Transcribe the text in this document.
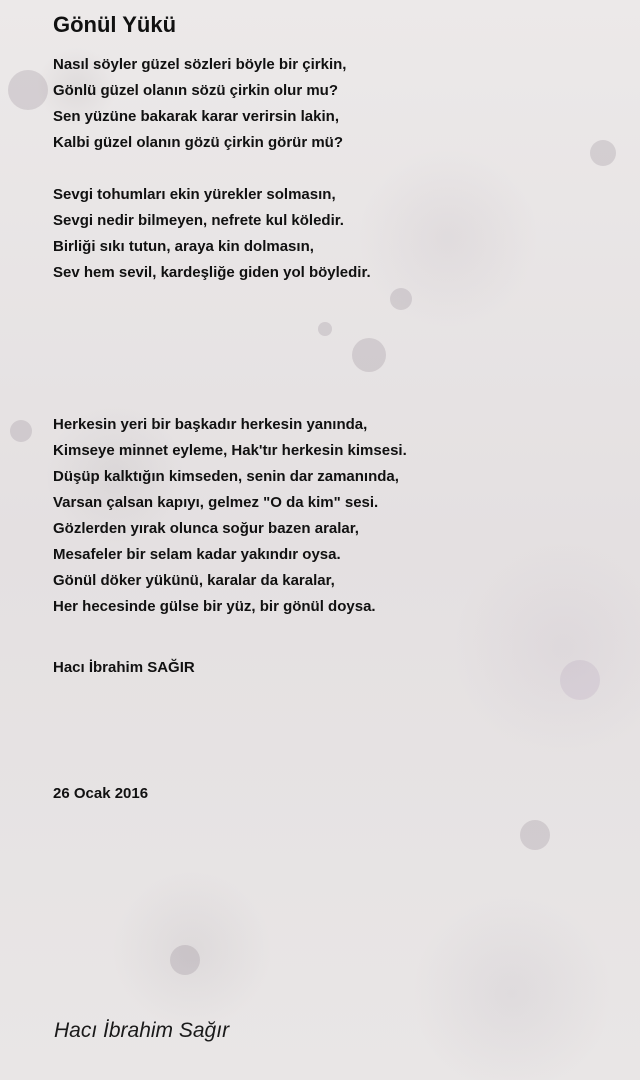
Gönül Yükü
Nasıl söyler güzel sözleri böyle bir çirkin,
Gönlü güzel olanın sözü çirkin olur mu?
Sen yüzüne bakarak karar verirsin lakin,
Kalbi güzel olanın gözü çirkin görür mü?
Sevgi tohumları ekin yürekler solmasın,
Sevgi nedir bilmeyen, nefrete kul köledir.
Birliği sıkı tutun, araya kin dolmasın,
Sev hem sevil, kardeşliğe giden yol böyledir.
Herkesin yeri bir başkadır herkesin yanında,
Kimseye minnet eyleme, Hak'tır herkesin kimsesi.
Düşüp kalktığın kimseden, senin dar zamanında,
Varsan çalsan kapıyı, gelmez "O da kim" sesi.
Gözlerden yırak olunca soğur bazen aralar,
Mesafeler bir selam kadar yakındır oysa.
Gönül döker yükünü, karalar da karalar,
Her hecesinde gülse bir yüz, bir gönül doysa.
Hacı İbrahim SAĞIR
26 Ocak 2016
Hacı İbrahim Sağır
